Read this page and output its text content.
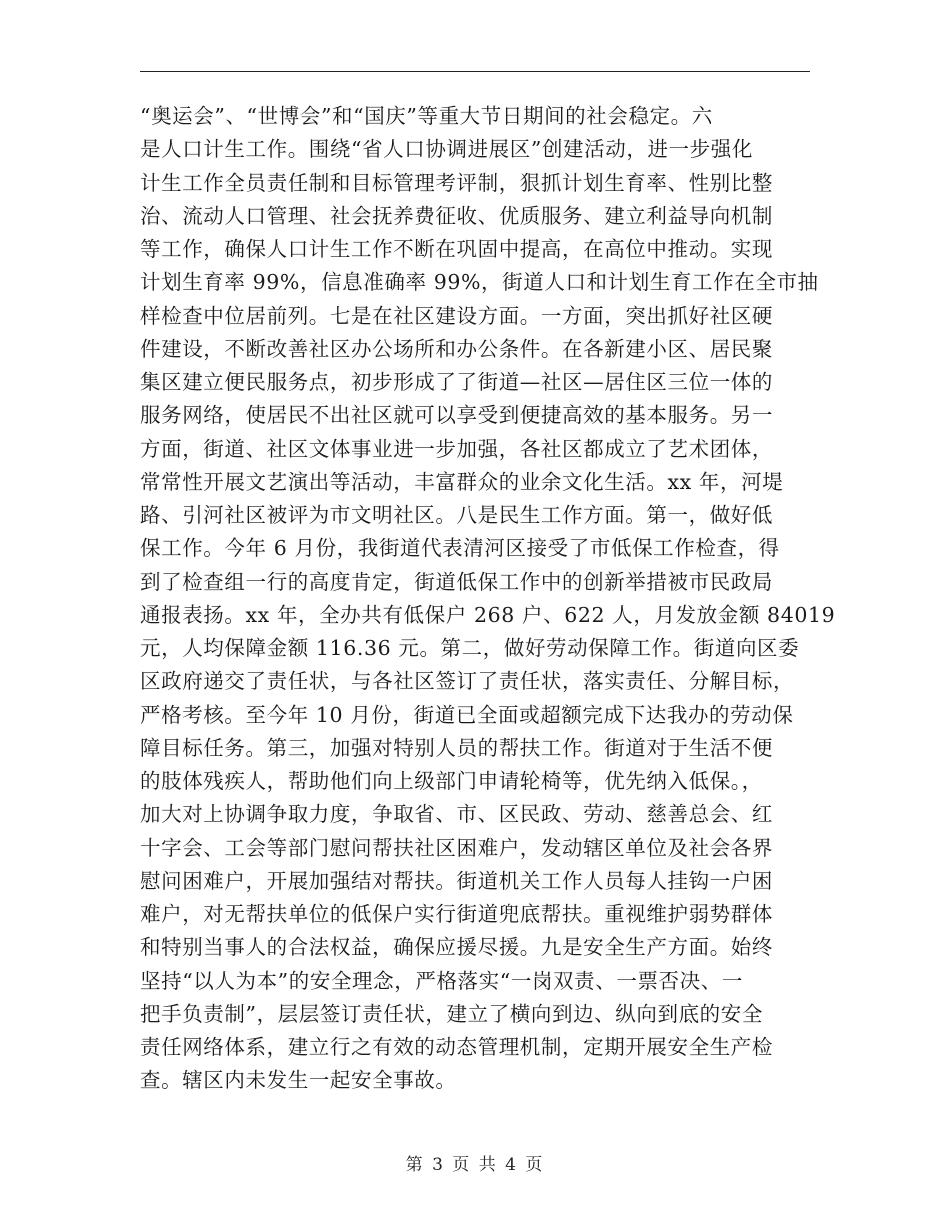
“奥运会”、“世博会”和“国庆”等重大节日期间的社会稳定。六
是人口计生工作。围绕“省人口协调进展区”创建活动，进一步强化
计生工作全员责任制和目标管理考评制，狠抓计划生育率、性别比整
治、流动人口管理、社会抚养费征收、优质服务、建立利益导向机制
等工作，确保人口计生工作不断在巩固中提高，在高位中推动。实现
计划生育率 99%，信息准确率 99%，街道人口和计划生育工作在全市抽
样检查中位居前列。七是在社区建设方面。一方面，突出抓好社区硬
件建设，不断改善社区办公场所和办公条件。在各新建小区、居民聚
集区建立便民服务点，初步形成了了街道—社区—居住区三位一体的
服务网络，使居民不出社区就可以享受到便捷高效的基本服务。另一
方面，街道、社区文体事业进一步加强，各社区都成立了艺术团体，
常常性开展文艺演出等活动，丰富群众的业余文化生活。xx 年，河堤
路、引河社区被评为市文明社区。八是民生工作方面。第一，做好低
保工作。今年 6 月份，我街道代表清河区接受了市低保工作检查，得
到了检查组一行的高度肯定，街道低保工作中的创新举措被市民政局
通报表扬。xx 年，全办共有低保户 268 户、622 人，月发放金额 84019
元，人均保障金额 116.36 元。第二，做好劳动保障工作。街道向区委
区政府递交了责任状，与各社区签订了责任状，落实责任、分解目标，
严格考核。至今年 10 月份，街道已全面或超额完成下达我办的劳动保
障目标任务。第三，加强对特别人员的帮扶工作。街道对于生活不便
的肢体残疾人，帮助他们向上级部门申请轮椅等，优先纳入低保。，
加大对上协调争取力度，争取省、市、区民政、劳动、慈善总会、红
十字会、工会等部门慰问帮扶社区困难户，发动辖区单位及社会各界
慰问困难户，开展加强结对帮扶。街道机关工作人员每人挂钩一户困
难户，对无帮扶单位的低保户实行街道兜底帮扶。重视维护弱势群体
和特别当事人的合法权益，确保应援尽援。九是安全生产方面。始终
坚持“以人为本”的安全理念，严格落实“一岗双责、一票否决、一
把手负责制”，层层签订责任状，建立了横向到边、纵向到底的安全
责任网络体系，建立行之有效的动态管理机制，定期开展安全生产检
查。辖区内未发生一起安全事故。
第 3 页 共 4 页
